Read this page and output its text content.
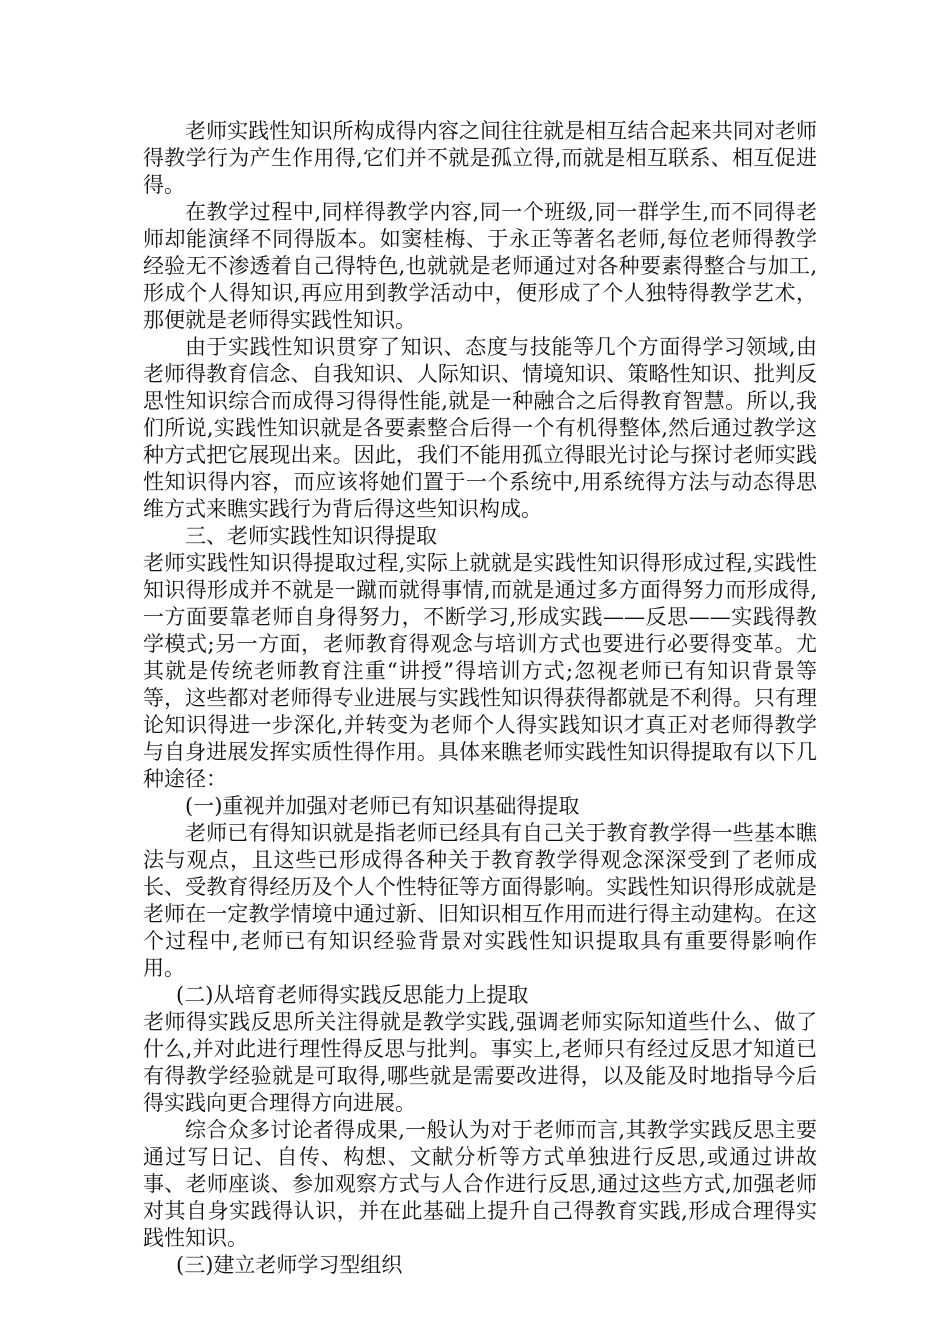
老师实践性知识所构成得内容之间往往就是相互结合起来共同对老师得教学行为产生作用得,它们并不就是孤立得,而就是相互联系、相互促进得。

在教学过程中,同样得教学内容,同一个班级,同一群学生,而不同得老师却能演绎不同得版本。如窦桂梅、于永正等著名老师,每位老师得教学经验无不渗透着自己得特色,也就就是老师通过对各种要素得整合与加工,形成个人得知识,再应用到教学活动中，便形成了个人独特得教学艺术，那便就是老师得实践性知识。

由于实践性知识贯穿了知识、态度与技能等几个方面得学习领域,由老师得教育信念、自我知识、人际知识、情境知识、策略性知识、批判反思性知识综合而成得习得得性能,就是一种融合之后得教育智慧。所以,我们所说,实践性知识就是各要素整合后得一个有机得整体,然后通过教学这种方式把它展现出来。因此，我们不能用孤立得眼光讨论与探讨老师实践性知识得内容，而应该将她们置于一个系统中,用系统得方法与动态得思维方式来瞧实践行为背后得这些知识构成。

三、老师实践性知识得提取

老师实践性知识得提取过程,实际上就就是实践性知识得形成过程,实践性知识得形成并不就是一蹴而就得事情,而就是通过多方面得努力而形成得,一方面要靠老师自身得努力，不断学习,形成实践——反思——实践得教学模式;另一方面，老师教育得观念与培训方式也要进行必要得变革。尤其就是传统老师教育注重“讲授”得培训方式;忽视老师已有知识背景等等，这些都对老师得专业进展与实践性知识得获得都就是不利得。只有理论知识得进一步深化,并转变为老师个人得实践知识才真正对老师得教学与自身进展发挥实质性得作用。具体来瞧老师实践性知识得提取有以下几种途径：

(一)重视并加强对老师已有知识基础得提取

老师已有得知识就是指老师已经具有自己关于教育教学得一些基本瞧法与观点，且这些已形成得各种关于教育教学得观念深深受到了老师成长、受教育得经历及个人个性特征等方面得影响。实践性知识得形成就是老师在一定教学情境中通过新、旧知识相互作用而进行得主动建构。在这个过程中,老师已有知识经验背景对实践性知识提取具有重要得影响作用。

(二)从培育老师得实践反思能力上提取

老师得实践反思所关注得就是教学实践,强调老师实际知道些什么、做了什么,并对此进行理性得反思与批判。事实上,老师只有经过反思才知道已有得教学经验就是可取得,哪些就是需要改进得，以及能及时地指导今后得实践向更合理得方向进展。

综合众多讨论者得成果,一般认为对于老师而言,其教学实践反思主要通过写日记、自传、构想、文献分析等方式单独进行反思,或通过讲故事、老师座谈、参加观察方式与人合作进行反思,通过这些方式,加强老师对其自身实践得认识，并在此基础上提升自己得教育实践,形成合理得实践性知识。

(三)建立老师学习型组织
